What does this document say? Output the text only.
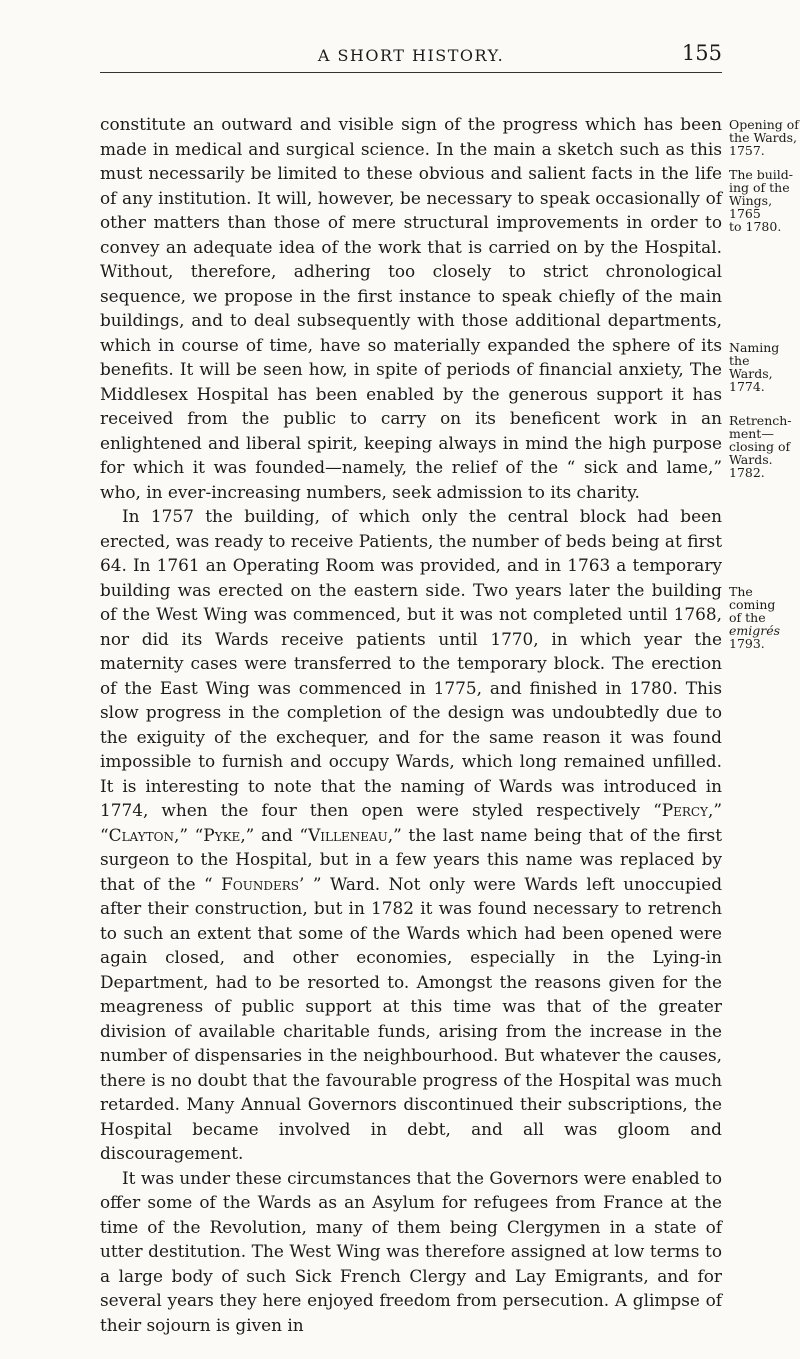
A SHORT HISTORY.	155

constitute an outward and visible sign of the progress which has been made in medical and surgical science. In the main a sketch such as this must necessarily be limited to these obvious and salient facts in the life of any institution. It will, however, be necessary to speak occasionally of other matters than those of mere structural improvements in order to convey an adequate idea of the work that is carried on by the Hospital. Without, therefore, adhering too closely to strict chronological sequence, we propose in the first instance to speak chiefly of the main buildings, and to deal subsequently with those additional departments, which in course of time, have so materially expanded the sphere of its benefits. It will be seen how, in spite of periods of financial anxiety, The Middlesex Hospital has been enabled by the generous support it has received from the public to carry on its beneficent work in an enlightened and liberal spirit, keeping always in mind the high purpose for which it was founded—namely, the relief of the “ sick and lame,” who, in ever-increasing numbers, seek admission to its charity.

In 1757 the building, of which only the central block had been erected, was ready to receive Patients, the number of beds being at first 64. In 1761 an Operating Room was provided, and in 1763 a temporary building was erected on the eastern side. Two years later the building of the West Wing was commenced, but it was not completed until 1768, nor did its Wards receive patients until 1770, in which year the maternity cases were transferred to the temporary block. The erection of the East Wing was commenced in 1775, and finished in 1780. This slow progress in the completion of the design was undoubtedly due to the exiguity of the exchequer, and for the same reason it was found impossible to furnish and occupy Wards, which long remained unfilled. It is interesting to note that the naming of Wards was introduced in 1774, when the four then open were styled respectively “Percy,” “Clayton,” “Pyke,” and “Villeneau,” the last name being that of the first surgeon to the Hospital, but in a few years this name was replaced by that of the “ Founders’ ” Ward. Not only were Wards left unoccupied after their construction, but in 1782 it was found necessary to retrench to such an extent that some of the Wards which had been opened were again closed, and other economies, especially in the Lying-in Department, had to be resorted to. Amongst the reasons given for the meagreness of public support at this time was that of the greater division of available charitable funds, arising from the increase in the number of dispensaries in the neighbourhood. But whatever the causes, there is no doubt that the favourable progress of the Hospital was much retarded. Many Annual Governors discontinued their subscriptions, the Hospital became involved in debt, and all was gloom and discouragement.

It was under these circumstances that the Governors were enabled to offer some of the Wards as an Asylum for refugees from France at the time of the Revolution, many of them being Clergymen in a state of utter destitution. The West Wing was therefore assigned at low terms to a large body of such Sick French Clergy and Lay Emigrants, and for several years they here enjoyed freedom from persecution. A glimpse of their sojourn is given in

Opening of
the Wards,
1757.
The build-
ing of the
Wings, 1765
to 1780.
Naming the
Wards,
1774.
Retrench-
ment—
closing of
Wards.
1782.
The coming
of the
emigrés
1793.
